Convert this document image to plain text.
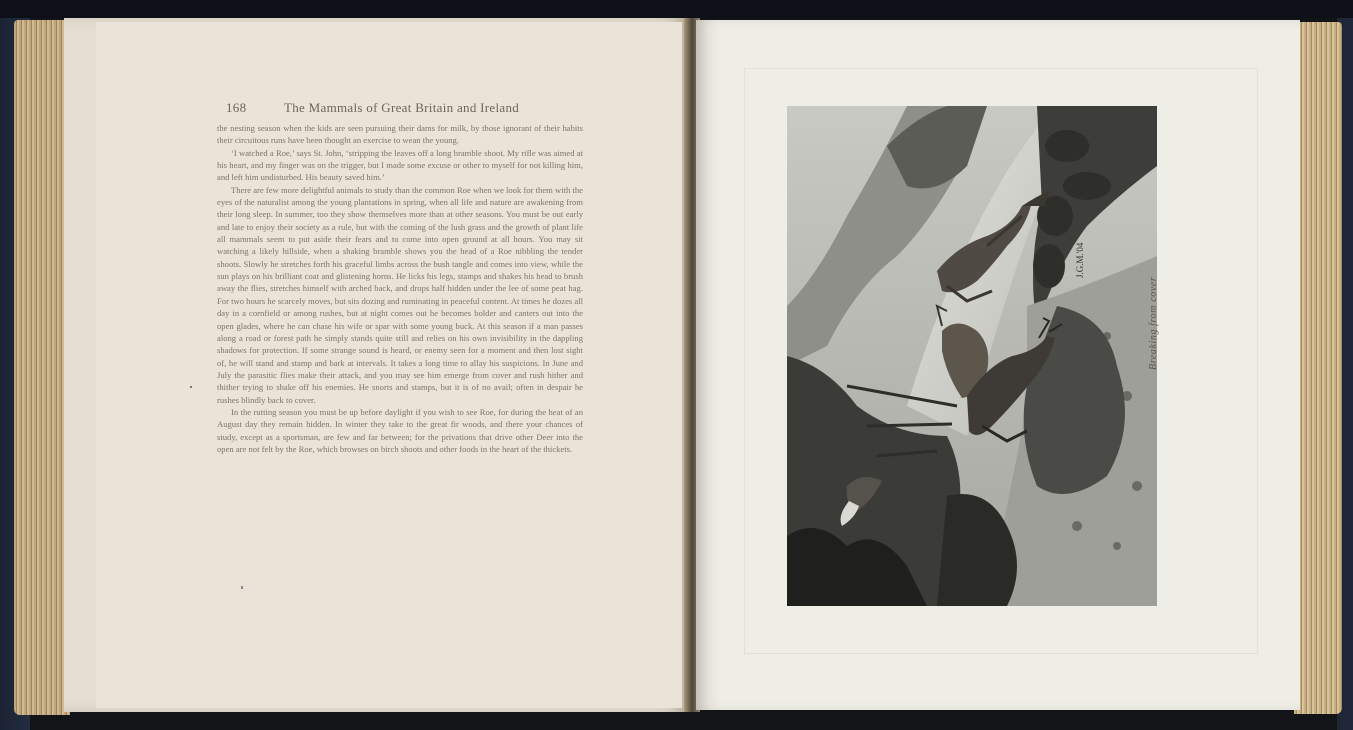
168	The Mammals of Great Britain and Ireland

the nesting season when the kids are seen pursuing their dams for milk, by those ignorant of their habits their circuitous runs have been thought an exercise to wean the young.

‘I watched a Roe,’ says St. John, ‘stripping the leaves off a long bramble shoot. My rifle was aimed at his heart, and my finger was on the trigger, but I made some excuse or other to myself for not killing him, and left him undisturbed. His beauty saved him.’

There are few more delightful animals to study than the common Roe when we look for them with the eyes of the naturalist among the young plantations in spring, when all life and nature are awakening from their long sleep. In summer, too they show themselves more than at other seasons. You must be out early and late to enjoy their society as a rule, but with the coming of the lush grass and the growth of plant life all mammals seem to put aside their fears and to come into open ground at all hours. You may sit watching a likely hillside, when a shaking bramble shows you the head of a Roe nibbling the tender shoots. Slowly he stretches forth his graceful limbs across the bush tangle and comes into view, while the sun plays on his brilliant coat and glistening horns. He licks his legs, stamps and shakes his head to brush away the flies, stretches himself with arched back, and drops half hidden under the lee of some peat hag. For two hours he scarcely moves, but sits dozing and ruminating in peaceful content. At times he dozes all day in a cornfield or among rushes, but at night comes out he becomes bolder and canters out into the open glades, where he can chase his wife or spar with some young buck. At this season if a man passes along a road or forest path he simply stands quite still and relies on his own invisibility in the dappling shadows for protection. If some strange sound is heard, or enemy seen for a moment and then lost sight of, he will stand and stamp and bark at intervals. It takes a long time to allay his suspicions. In June and July the parasitic flies make their attack, and you may see him emerge from cover and rush hither and thither trying to shake off his enemies. He snorts and stamps, but it is of no avail; often in despair he rushes blindly back to cover.

In the rutting season you must be up before daylight if you wish to see Roe, for during the heat of an August day they remain hidden. In winter they take to the great fir woods, and there your chances of study, except as a sportsman, are few and far between; for the privations that drive other Deer into the open are not felt by the Roe, which browses on birch shoots and other foods in the heart of the thickets.

J.G.M.'04
Breaking from cover
